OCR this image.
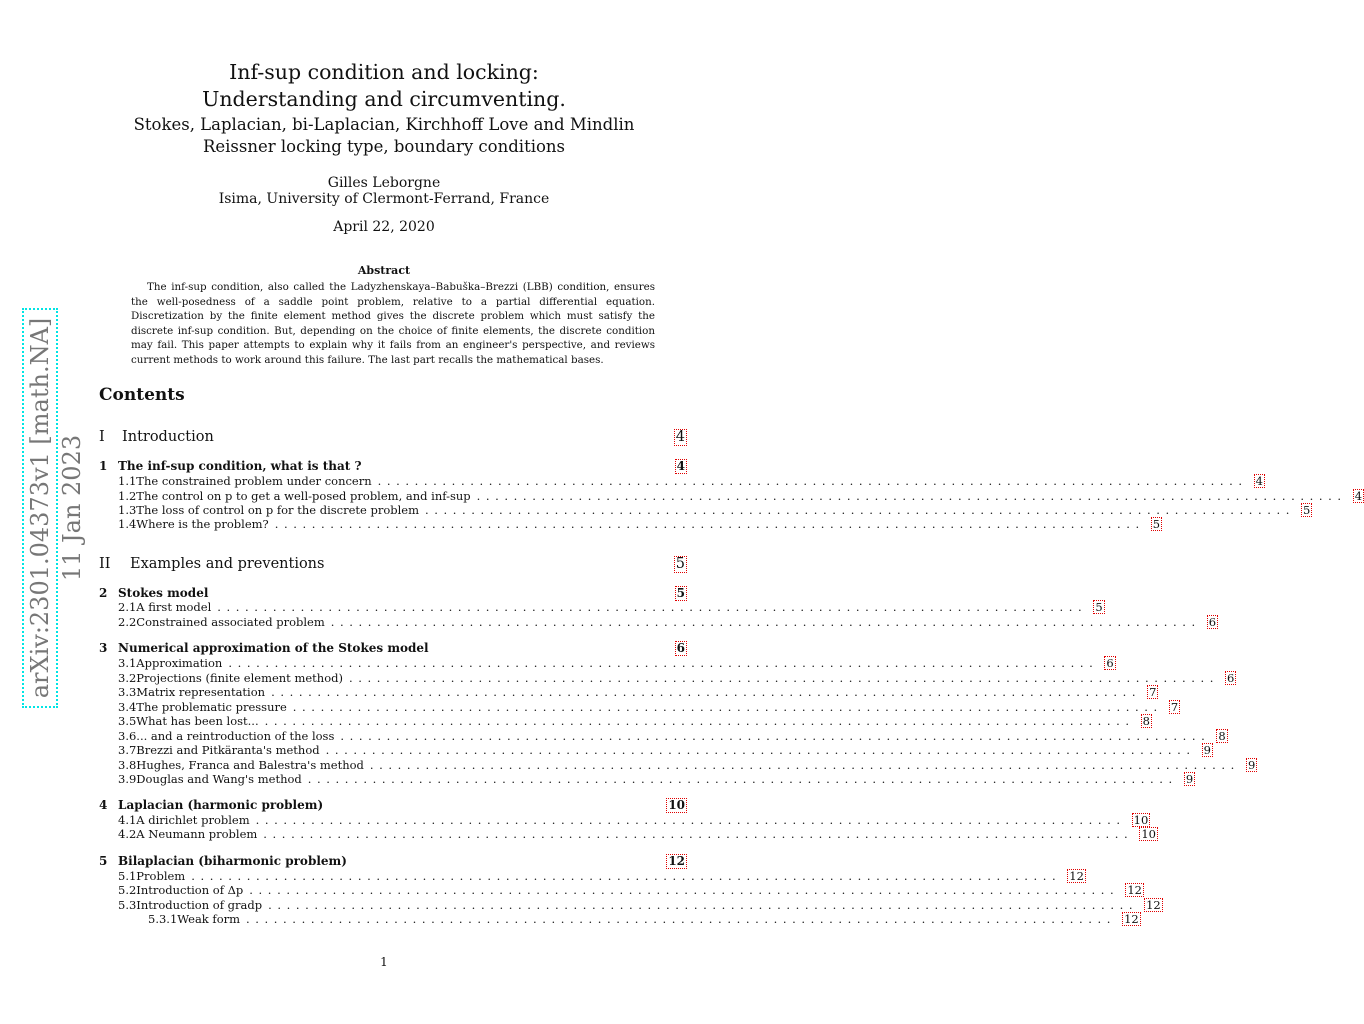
Inf-sup condition and locking: Understanding and circumventing.
Stokes, Laplacian, bi-Laplacian, Kirchhoff Love and Mindlin Reissner locking type, boundary conditions
Gilles Leborgne
Isima, University of Clermont-Ferrand, France
April 22, 2020
Abstract
The inf-sup condition, also called the Ladyzhenskaya–Babuška–Brezzi (LBB) condition, ensures the well-posedness of a saddle point problem, relative to a partial differential equation. Discretization by the finite element method gives the discrete problem which must satisfy the discrete inf-sup condition. But, depending on the choice of finite elements, the discrete condition may fail. This paper attempts to explain why it fails from an engineer's perspective, and reviews current methods to work around this failure. The last part recalls the mathematical bases.
arXiv:2301.04373v1 [math.NA] 11 Jan 2023
Contents
I	Introduction	4
1 The inf-sup condition, what is that ?	4
1.1 The constrained problem under concern .............................................................................................. 4
1.2 The control on p to get a well-posed problem, and inf-sup .............................................................................................. 4
1.3 The loss of control on p for the discrete problem .............................................................................................. 5
1.4 Where is the problem? .............................................................................................. 5
II	Examples and preventions	5
2 Stokes model	5
2.1 A first model .............................................................................................. 5
2.2 Constrained associated problem .............................................................................................. 6
3 Numerical approximation of the Stokes model	6
3.1 Approximation .............................................................................................. 6
3.2 Projections (finite element method) .............................................................................................. 6
3.3 Matrix representation .............................................................................................. 7
3.4 The problematic pressure .............................................................................................. 7
3.5 What has been lost... .............................................................................................. 8
3.6 ... and a reintroduction of the loss .............................................................................................. 8
3.7 Brezzi and Pitkäranta's method .............................................................................................. 9
3.8 Hughes, Franca and Balestra's method .............................................................................................. 9
3.9 Douglas and Wang's method .............................................................................................. 9
4 Laplacian (harmonic problem)	10
4.1 A dirichlet problem .............................................................................................. 10
4.2 A Neumann problem .............................................................................................. 10
5 Bilaplacian (biharmonic problem)	12
5.1 Problem .............................................................................................. 12
5.2 Introduction of Δp .............................................................................................. 12
5.3 Introduction of gradp .............................................................................................. 12
5.3.1 Weak form .............................................................................................. 12
1
